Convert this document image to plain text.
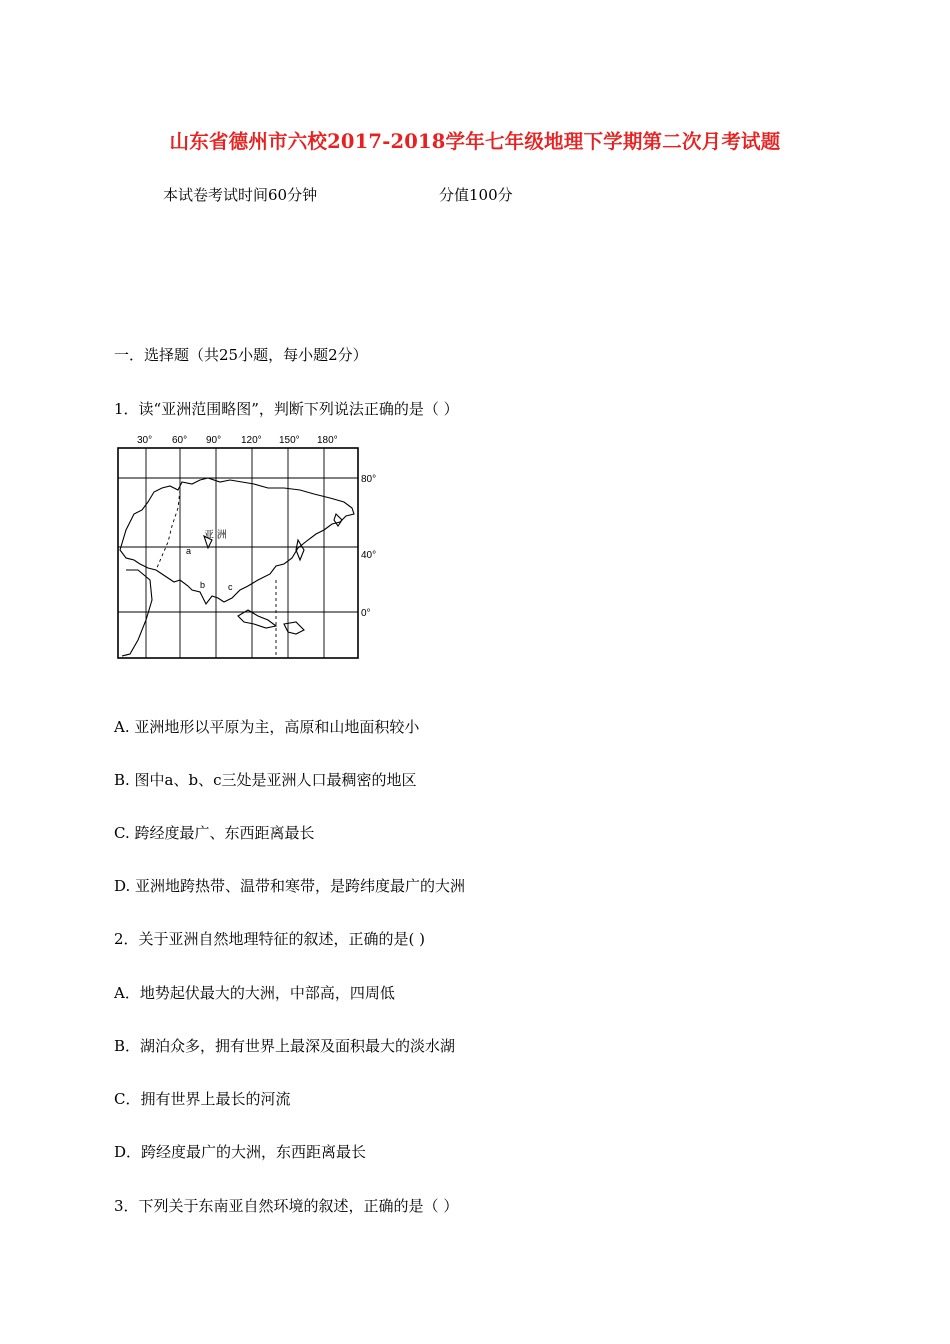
山东省德州市六校2017-2018学年七年级地理下学期第二次月考试题
本试卷考试时间60分钟	分值100分
一．选择题（共25小题，每小题2分）
1．读“亚洲范围略图”，判断下列说法正确的是（ ）
30° 60° 90° 120° 150° 180°
80°
40°
0°
亚 洲
a
b	c
A. 亚洲地形以平原为主，高原和山地面积较小
B. 图中a、b、c三处是亚洲人口最稠密的地区
C. 跨经度最广、东西距离最长
D. 亚洲地跨热带、温带和寒带，是跨纬度最广的大洲
2．关于亚洲自然地理特征的叙述，正确的是( )
A．地势起伏最大的大洲，中部高，四周低
B．湖泊众多，拥有世界上最深及面积最大的淡水湖
C．拥有世界上最长的河流
D．跨经度最广的大洲，东西距离最长
3．下列关于东南亚自然环境的叙述，正确的是（ ）
